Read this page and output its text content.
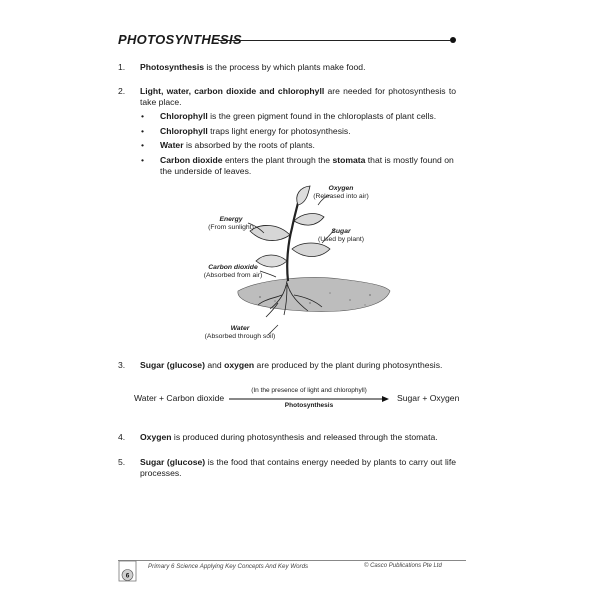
PHOTOSYNTHESIS
1. Photosynthesis is the process by which plants make food.
2. Light, water, carbon dioxide and chlorophyll are needed for photosynthesis to take place.
• Chlorophyll is the green pigment found in the chloroplasts of plant cells.
• Chlorophyll traps light energy for photosynthesis.
• Water is absorbed by the roots of plants.
• Carbon dioxide enters the plant through the stomata that is mostly found on the underside of leaves.
Oxygen
(Released into air)
Energy
(From sunlight)
Sugar
(Used by plant)
Carbon dioxide
(Absorbed from air)
Water
(Absorbed through soil)
3. Sugar (glucose) and oxygen are produced by the plant during photosynthesis.
Water + Carbon dioxide
(In the presence of light and chlorophyll)
Photosynthesis
Sugar + Oxygen
4. Oxygen is produced during photosynthesis and released through the stomata.
5. Sugar (glucose) is the food that contains energy needed by plants to carry out life processes.
6
Primary 6 Science Applying Key Concepts And Key Words	© Casco Publications Pte Ltd
